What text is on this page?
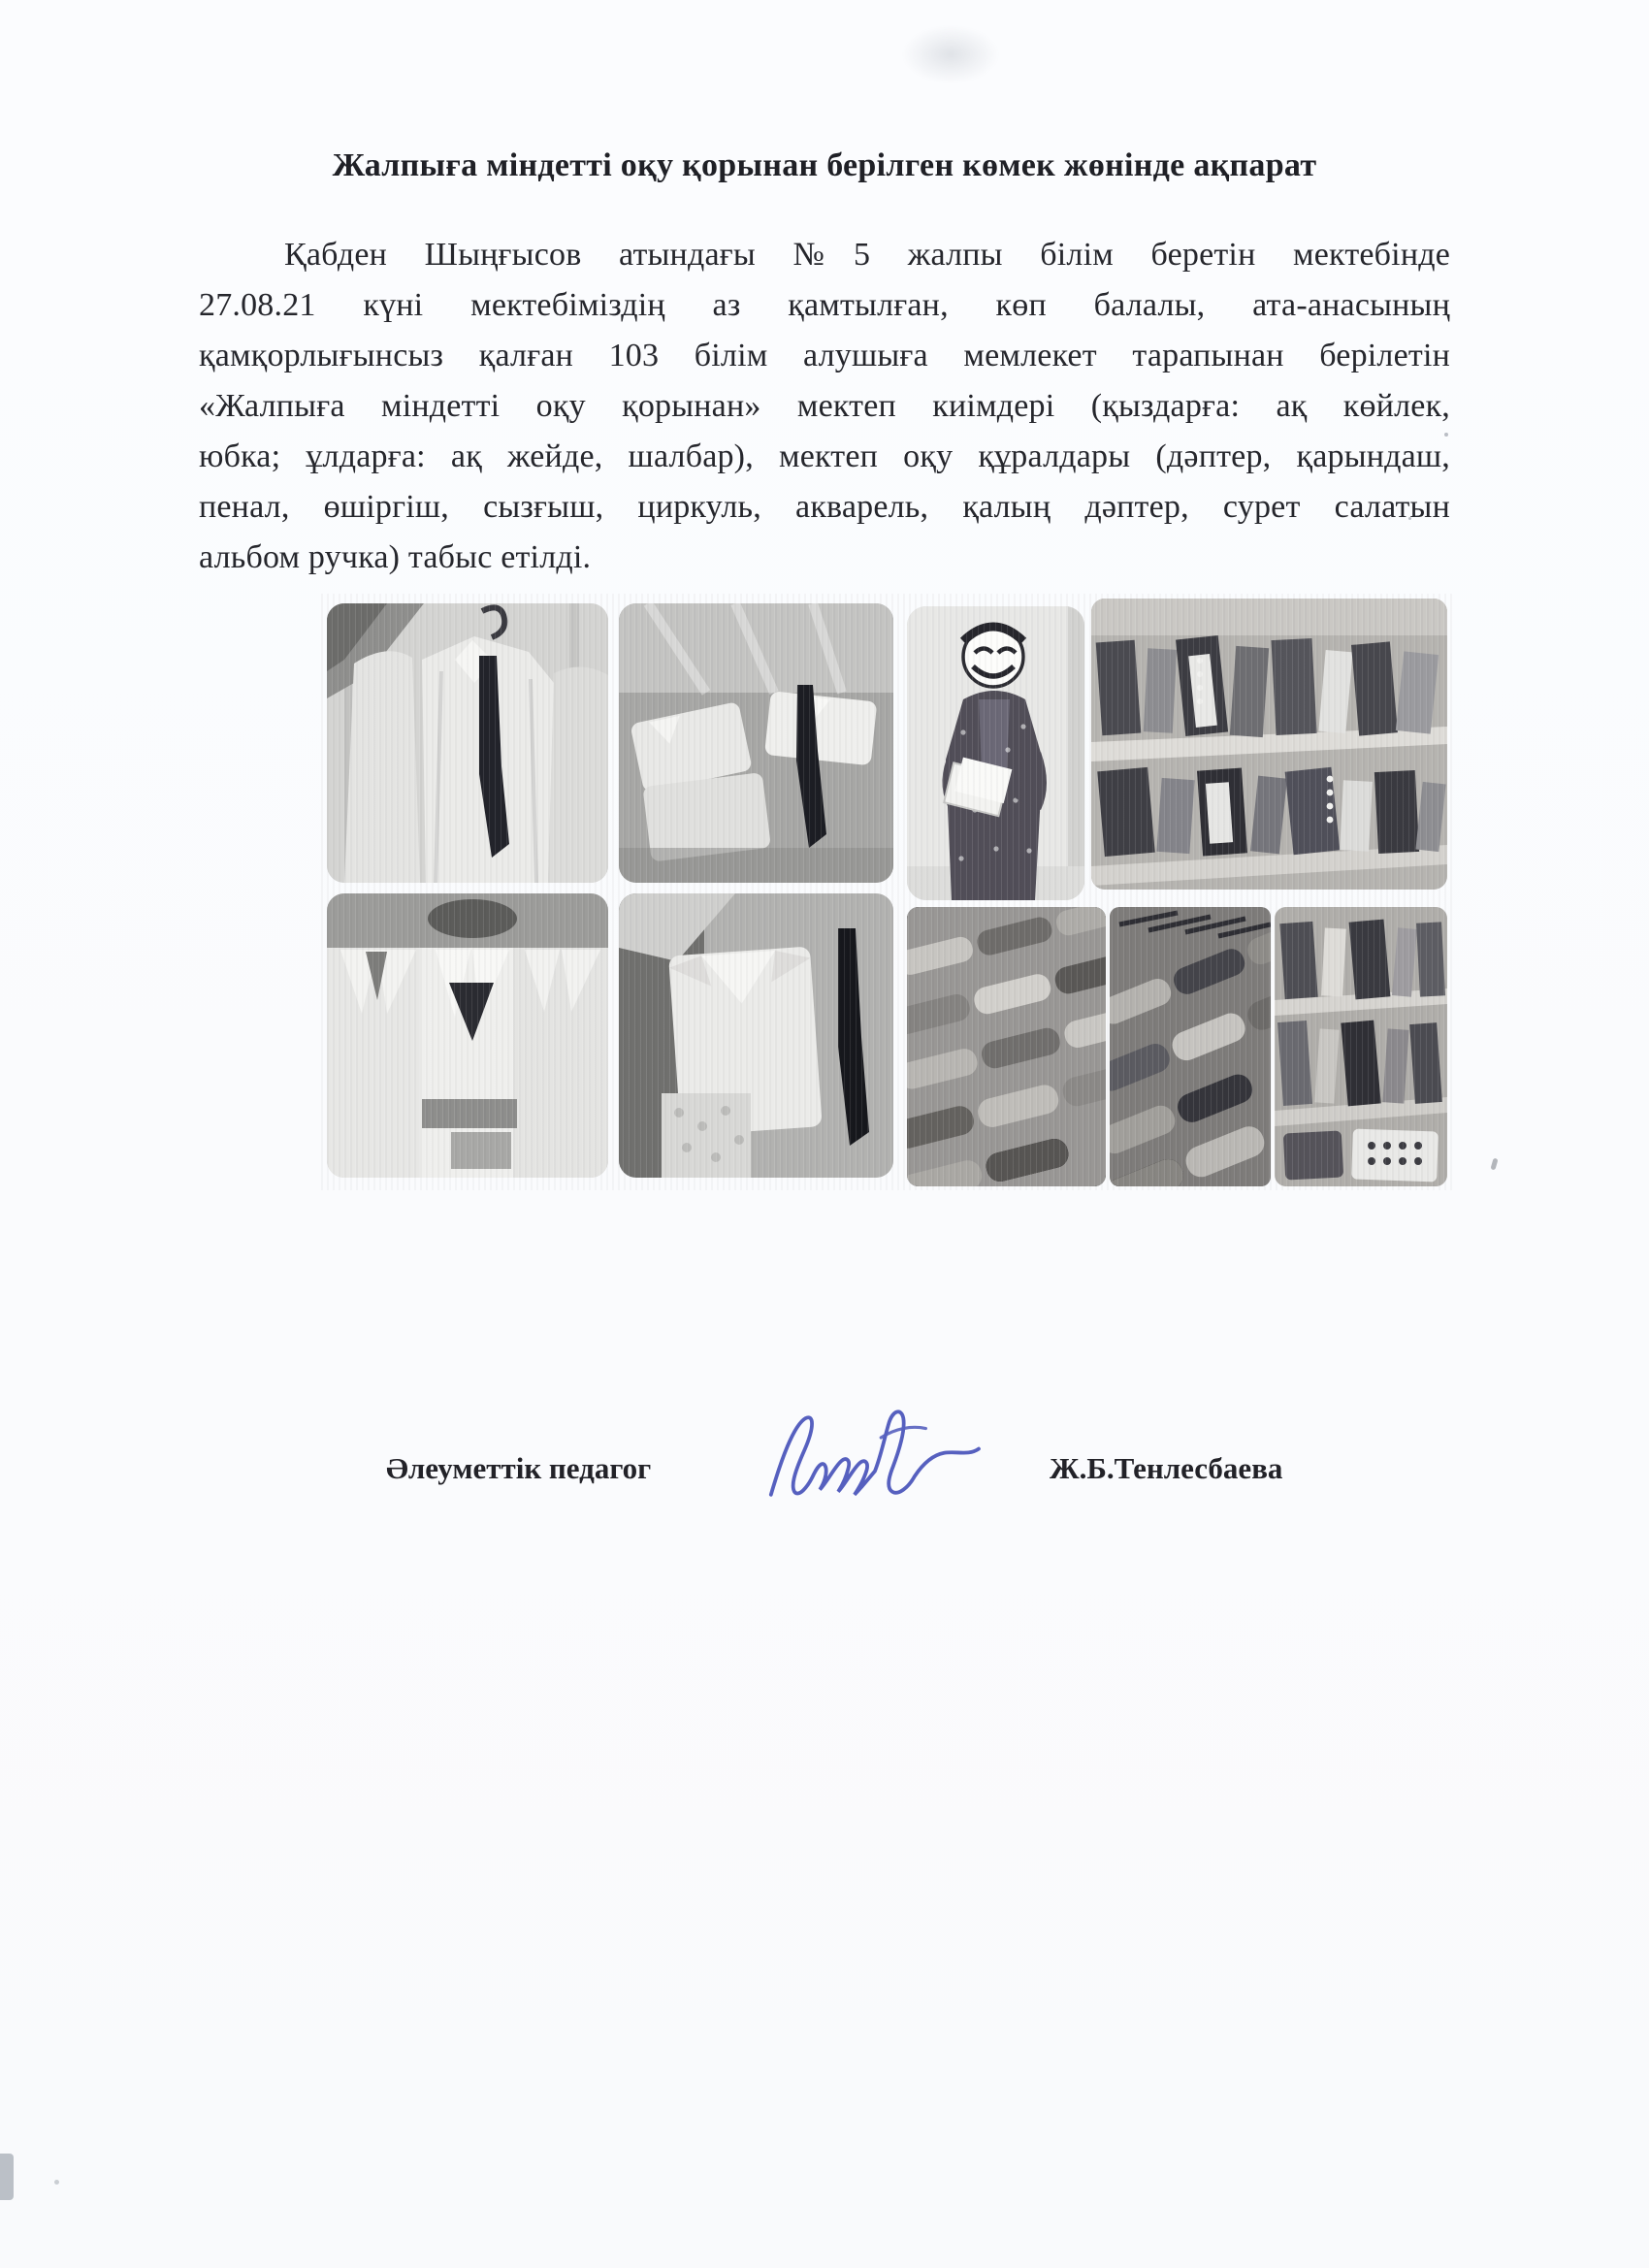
Жалпыға міндетті оқу қорынан берілген көмек жөнінде ақпарат
Қабден Шыңғысов атындағы №5 жалпы білім беретін мектебінде
27.08.21 күні мектебіміздің аз қамтылған, көп балалы, ата-анасының
қамқорлығынсыз қалған 103 білім алушыға мемлекет тарапынан берілетін
«Жалпыға міндетті оқу қорынан» мектеп киімдері (қыздарға: ақ көйлек,
юбка; ұлдарға: ақ жейде, шалбар), мектеп оқу құралдары (дәптер, қарындаш,
пенал, өшіргіш, сызғыш, циркуль, акварель, қалың дәптер, сурет салатын
альбом ручка) табыс етілді.
Әлеуметтік педагог	Ж.Б.Тенлесбаева
